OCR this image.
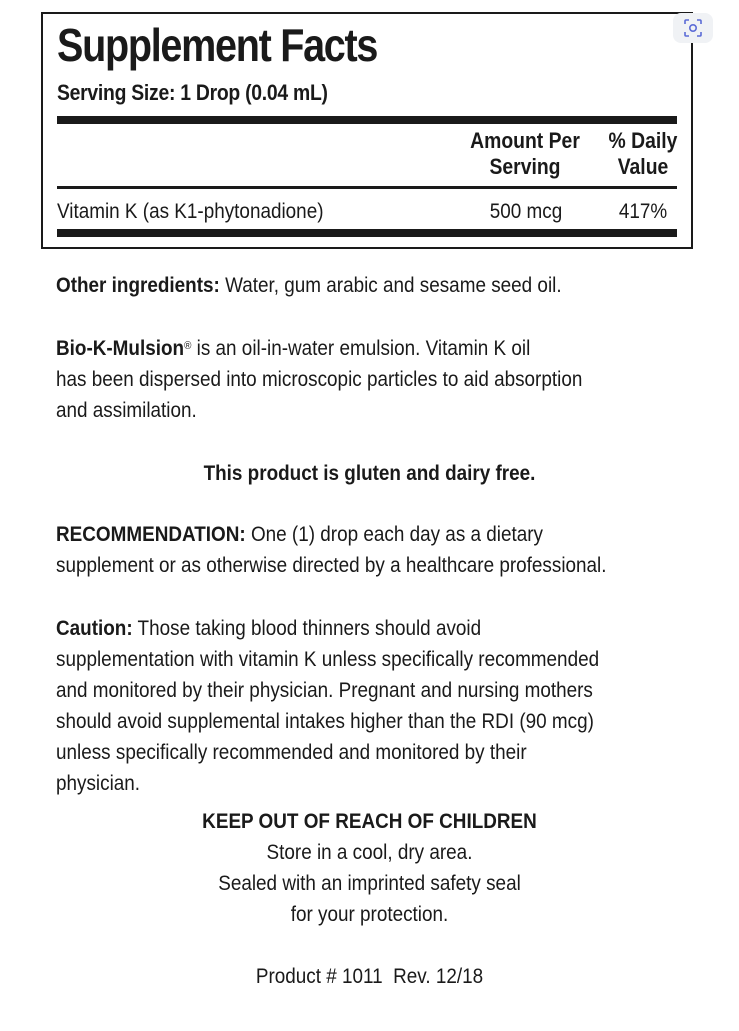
Supplement Facts
Serving Size: 1 Drop (0.04 mL)
Amount Per
Serving
% Daily
Value
Vitamin K (as K1-phytonadione)	500 mcg	417%
Other ingredients: Water, gum arabic and sesame seed oil.
Bio-K-Mulsion® is an oil-in-water emulsion. Vitamin K oil
has been dispersed into microscopic particles to aid absorption
and assimilation.
This product is gluten and dairy free.
RECOMMENDATION: One (1) drop each day as a dietary
supplement or as otherwise directed by a healthcare professional.
Caution: Those taking blood thinners should avoid
supplementation with vitamin K unless specifically recommended
and monitored by their physician. Pregnant and nursing mothers
should avoid supplemental intakes higher than the RDI (90 mcg)
unless specifically recommended and monitored by their
physician.
KEEP OUT OF REACH OF CHILDREN
Store in a cool, dry area.
Sealed with an imprinted safety seal
for your protection.
Product # 1011  Rev. 12/18
